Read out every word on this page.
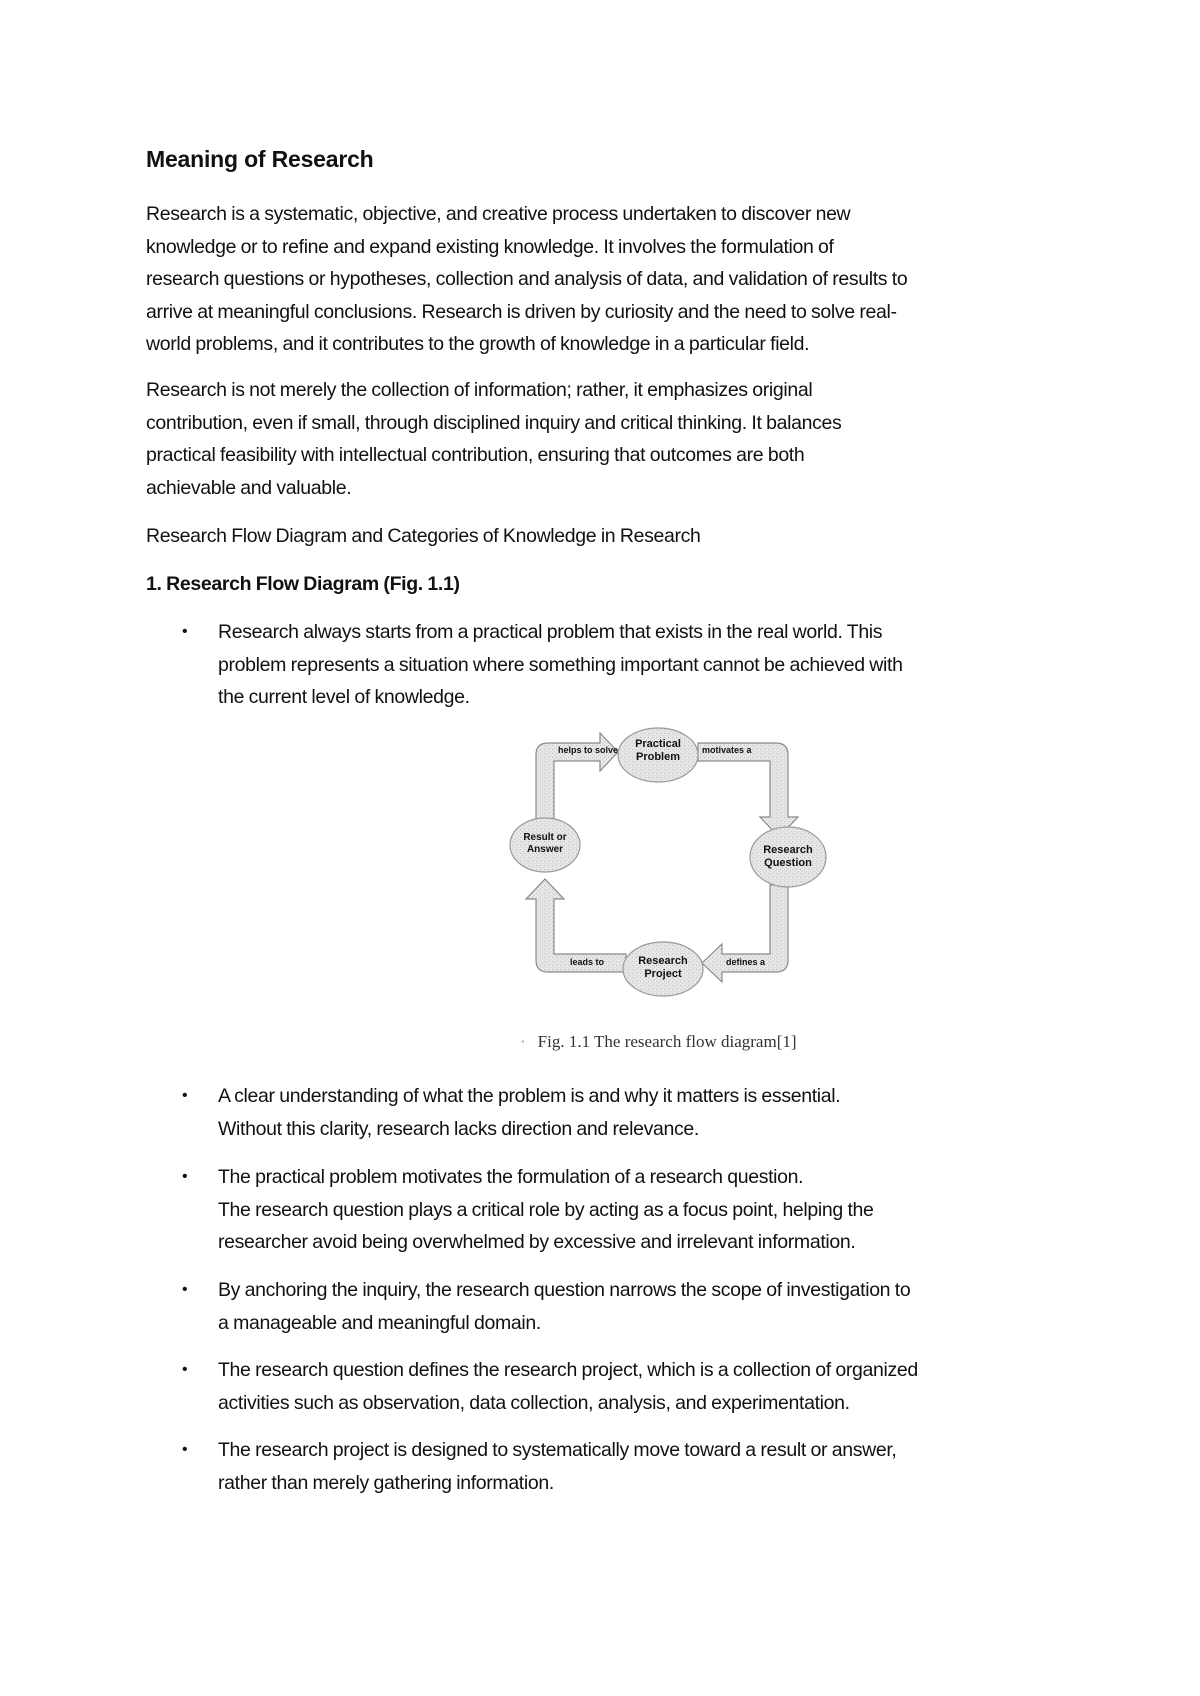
Meaning of Research
Research is a systematic, objective, and creative process undertaken to discover new
knowledge or to refine and expand existing knowledge. It involves the formulation of
research questions or hypotheses, collection and analysis of data, and validation of results to
arrive at meaningful conclusions. Research is driven by curiosity and the need to solve real-
world problems, and it contributes to the growth of knowledge in a particular field.
Research is not merely the collection of information; rather, it emphasizes original
contribution, even if small, through disciplined inquiry and critical thinking. It balances
practical feasibility with intellectual contribution, ensuring that outcomes are both
achievable and valuable.
Research Flow Diagram and Categories of Knowledge in Research
1. Research Flow Diagram (Fig. 1.1)
• Research always starts from a practical problem that exists in the real world. This
problem represents a situation where something important cannot be achieved with
the current level of knowledge.
Practical
Problem
Research
Question
Research
Project
Result or
Answer
helps to solve	motivates a
defines a
leads to
· Fig. 1.1 The research flow diagram[1]
• A clear understanding of what the problem is and why it matters is essential.
Without this clarity, research lacks direction and relevance.
• The practical problem motivates the formulation of a research question.
The research question plays a critical role by acting as a focus point, helping the
researcher avoid being overwhelmed by excessive and irrelevant information.
• By anchoring the inquiry, the research question narrows the scope of investigation to
a manageable and meaningful domain.
• The research question defines the research project, which is a collection of organized
activities such as observation, data collection, analysis, and experimentation.
• The research project is designed to systematically move toward a result or answer,
rather than merely gathering information.
